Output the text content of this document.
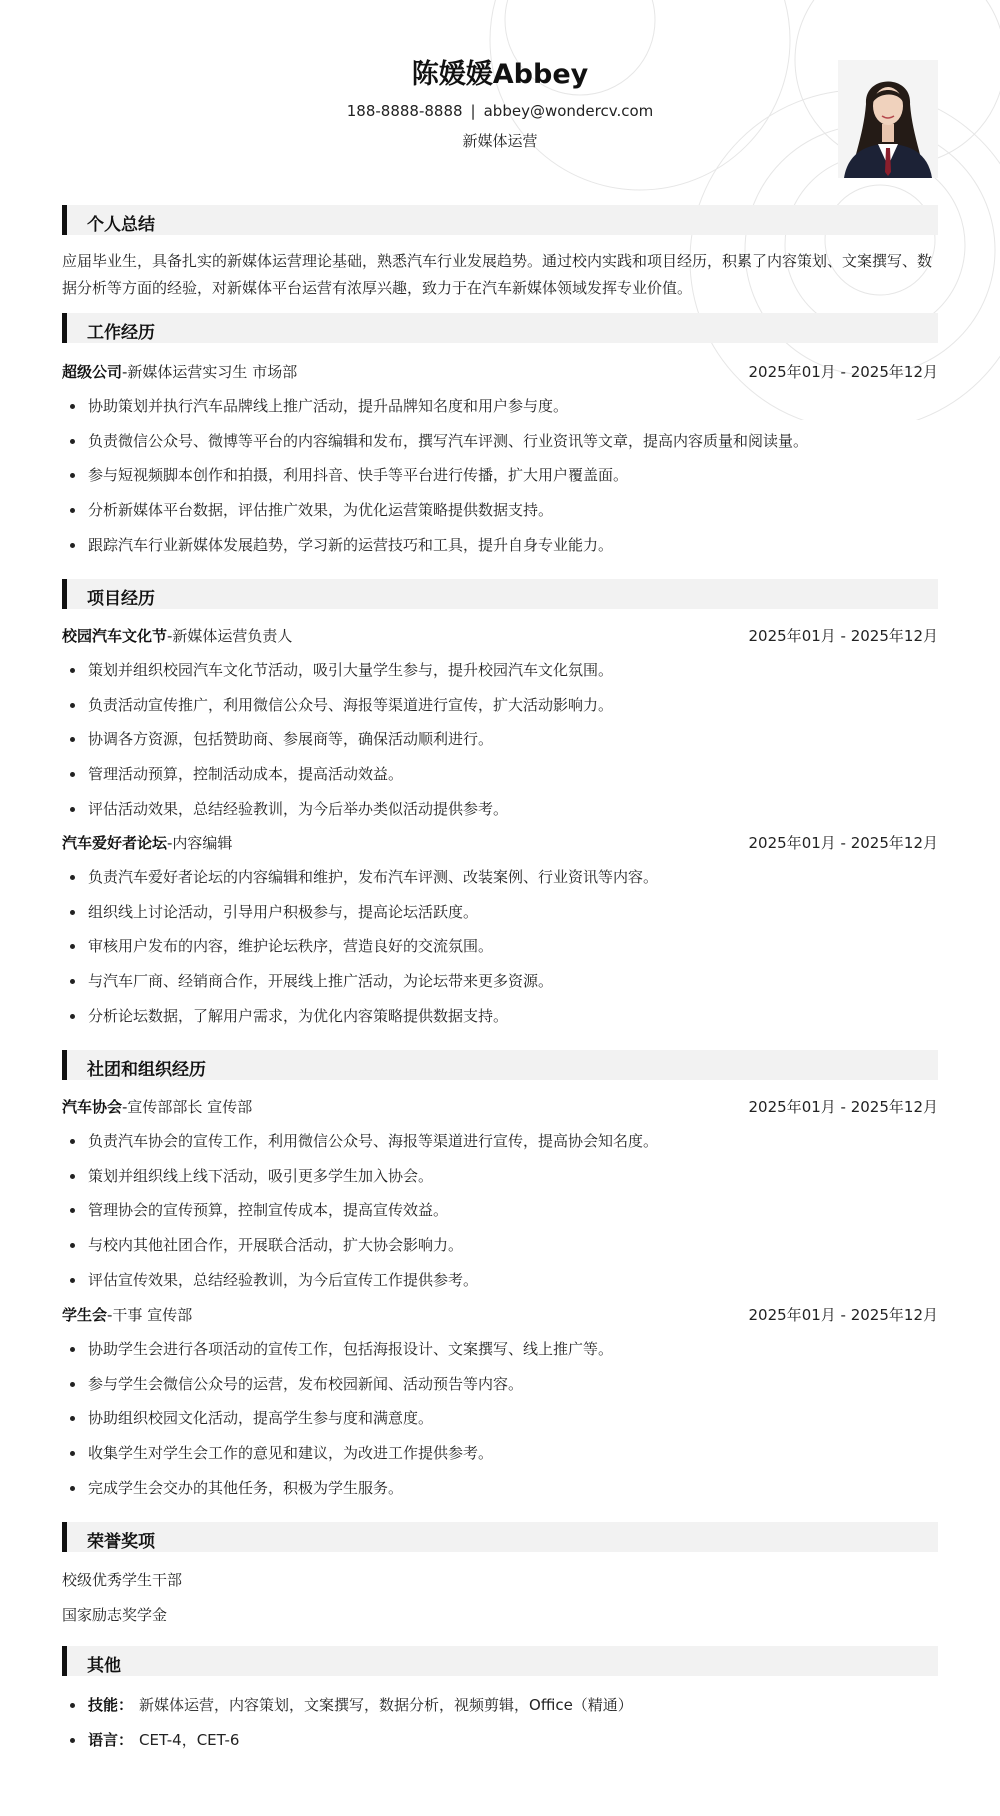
陈媛媛Abbey
188-8888-8888 | abbey@wondercv.com
新媒体运营
个人总结
应届毕业生，具备扎实的新媒体运营理论基础，熟悉汽车行业发展趋势。通过校内实践和项目经历，积累了内容策划、文案撰写、数据分析等方面的经验，对新媒体平台运营有浓厚兴趣，致力于在汽车新媒体领域发挥专业价值。
工作经历
超级公司-新媒体运营实习生 市场部	2025年01月 - 2025年12月
协助策划并执行汽车品牌线上推广活动，提升品牌知名度和用户参与度。
负责微信公众号、微博等平台的内容编辑和发布，撰写汽车评测、行业资讯等文章，提高内容质量和阅读量。
参与短视频脚本创作和拍摄，利用抖音、快手等平台进行传播，扩大用户覆盖面。
分析新媒体平台数据，评估推广效果，为优化运营策略提供数据支持。
跟踪汽车行业新媒体发展趋势，学习新的运营技巧和工具，提升自身专业能力。
项目经历
校园汽车文化节-新媒体运营负责人	2025年01月 - 2025年12月
策划并组织校园汽车文化节活动，吸引大量学生参与，提升校园汽车文化氛围。
负责活动宣传推广，利用微信公众号、海报等渠道进行宣传，扩大活动影响力。
协调各方资源，包括赞助商、参展商等，确保活动顺利进行。
管理活动预算，控制活动成本，提高活动效益。
评估活动效果，总结经验教训，为今后举办类似活动提供参考。
汽车爱好者论坛-内容编辑	2025年01月 - 2025年12月
负责汽车爱好者论坛的内容编辑和维护，发布汽车评测、改装案例、行业资讯等内容。
组织线上讨论活动，引导用户积极参与，提高论坛活跃度。
审核用户发布的内容，维护论坛秩序，营造良好的交流氛围。
与汽车厂商、经销商合作，开展线上推广活动，为论坛带来更多资源。
分析论坛数据，了解用户需求，为优化内容策略提供数据支持。
社团和组织经历
汽车协会-宣传部部长 宣传部	2025年01月 - 2025年12月
负责汽车协会的宣传工作，利用微信公众号、海报等渠道进行宣传，提高协会知名度。
策划并组织线上线下活动，吸引更多学生加入协会。
管理协会的宣传预算，控制宣传成本，提高宣传效益。
与校内其他社团合作，开展联合活动，扩大协会影响力。
评估宣传效果，总结经验教训，为今后宣传工作提供参考。
学生会-干事 宣传部	2025年01月 - 2025年12月
协助学生会进行各项活动的宣传工作，包括海报设计、文案撰写、线上推广等。
参与学生会微信公众号的运营，发布校园新闻、活动预告等内容。
协助组织校园文化活动，提高学生参与度和满意度。
收集学生对学生会工作的意见和建议，为改进工作提供参考。
完成学生会交办的其他任务，积极为学生服务。
荣誉奖项
校级优秀学生干部
国家励志奖学金
其他
技能： 新媒体运营，内容策划，文案撰写，数据分析，视频剪辑，Office（精通）
语言： CET-4，CET-6
